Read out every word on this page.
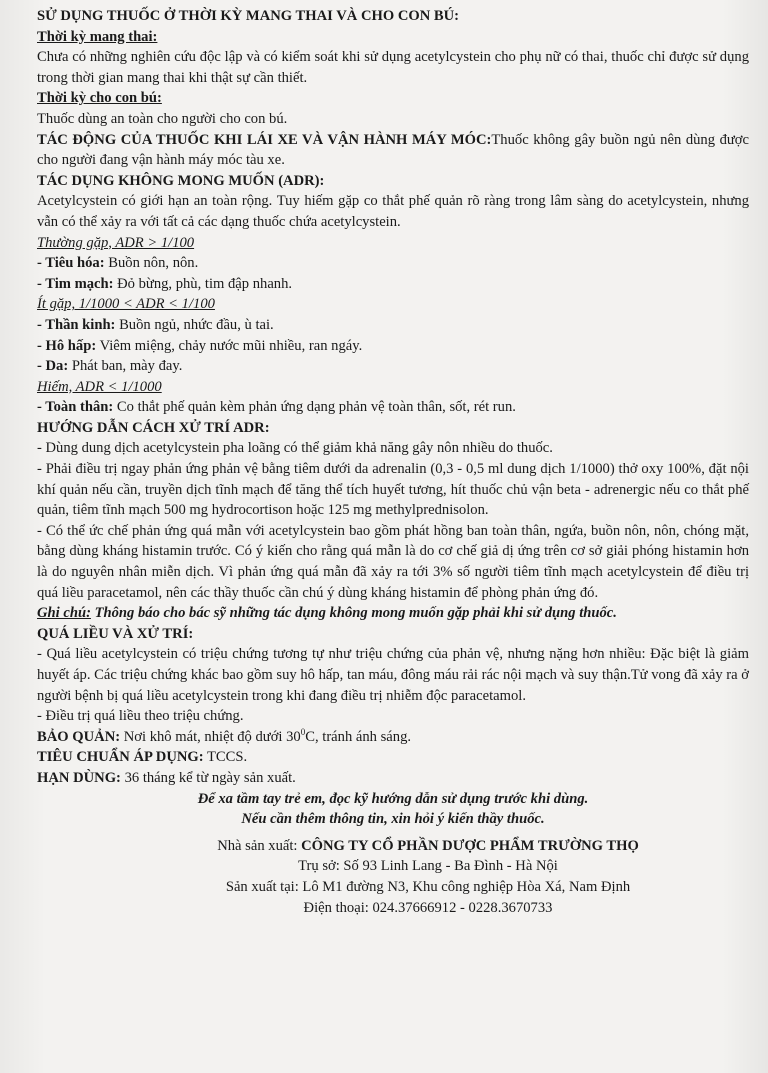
SỬ DỤNG THUỐC Ở THỜI KỲ MANG THAI VÀ CHO CON BÚ:

Thời kỳ mang thai:

Chưa có những nghiên cứu độc lập và có kiểm soát khi sử dụng acetylcystein cho phụ nữ có thai, thuốc chỉ được sử dụng trong thời gian mang thai khi thật sự cần thiết.

Thời kỳ cho con bú:

Thuốc dùng an toàn cho người cho con bú.

TÁC ĐỘNG CỦA THUỐC KHI LÁI XE VÀ VẬN HÀNH MÁY MÓC:Thuốc không gây buồn ngủ nên dùng được cho người đang vận hành máy móc tàu xe.

TÁC DỤNG KHÔNG MONG MUỐN (ADR):

Acetylcystein có giới hạn an toàn rộng. Tuy hiếm gặp co thắt phế quản rõ ràng trong lâm sàng do acetylcystein, nhưng vẫn có thể xảy ra với tất cả các dạng thuốc chứa acetylcystein.

Thường gặp, ADR > 1/100

- Tiêu hóa: Buồn nôn, nôn.

- Tim mạch: Đỏ bừng, phù, tim đập nhanh.

Ít gặp, 1/1000 < ADR < 1/100

- Thần kinh: Buồn ngủ, nhức đầu, ù tai.

- Hô hấp: Viêm miệng, chảy nước mũi nhiều, ran ngáy.

- Da: Phát ban, mày đay.

Hiếm, ADR < 1/1000

- Toàn thân: Co thắt phế quản kèm phản ứng dạng phản vệ toàn thân, sốt, rét run.

HƯỚNG DẪN CÁCH XỬ TRÍ ADR:

- Dùng dung dịch acetylcystein pha loãng có thể giảm khả năng gây nôn nhiều do thuốc.

- Phải điều trị ngay phản ứng phản vệ bằng tiêm dưới da adrenalin (0,3 - 0,5 ml dung dịch 1/1000) thở oxy 100%, đặt nội khí quản nếu cần, truyền dịch tĩnh mạch để tăng thể tích huyết tương, hít thuốc chủ vận beta - adrenergic nếu co thắt phế quản, tiêm tĩnh mạch 500 mg hydrocortison hoặc 125 mg methylprednisolon.

- Có thể ức chế phản ứng quá mẫn với acetylcystein bao gồm phát hồng ban toàn thân, ngứa, buồn nôn, nôn, chóng mặt, bằng dùng kháng histamin trước. Có ý kiến cho rằng quá mẫn là do cơ chế giả dị ứng trên cơ sở giải phóng histamin hơn là do nguyên nhân miễn dịch. Vì phản ứng quá mẫn đã xảy ra tới 3% số người tiêm tĩnh mạch acetylcystein để điều trị quá liều paracetamol, nên các thầy thuốc cần chú ý dùng kháng histamin để phòng phản ứng đó.

Ghi chú: Thông báo cho bác sỹ những tác dụng không mong muốn gặp phải khi sử dụng thuốc.

QUÁ LIỀU VÀ XỬ TRÍ:

- Quá liều acetylcystein có triệu chứng tương tự như triệu chứng của phản vệ, nhưng nặng hơn nhiều: Đặc biệt là giảm huyết áp. Các triệu chứng khác bao gồm suy hô hấp, tan máu, đông máu rải rác nội mạch và suy thận.Tử vong đã xảy ra ở người bệnh bị quá liều acetylcystein trong khi đang điều trị nhiễm độc paracetamol.

- Điều trị quá liều theo triệu chứng.

BẢO QUẢN: Nơi khô mát, nhiệt độ dưới $30^0C$, tránh ánh sáng.

TIÊU CHUẨN ÁP DỤNG: TCCS.

HẠN DÙNG: 36 tháng kể từ ngày sản xuất.

Để xa tầm tay trẻ em, đọc kỹ hướng dẫn sử dụng trước khi dùng.

Nếu cần thêm thông tin, xin hỏi ý kiến thầy thuốc.

Nhà sản xuất: CÔNG TY CỔ PHẦN DƯỢC PHẨM TRƯỜNG THỌ

Trụ sở: Số 93 Linh Lang - Ba Đình - Hà Nội

Sản xuất tại: Lô M1 đường N3, Khu công nghiệp Hòa Xá, Nam Định

Điện thoại: 024.37666912 - 0228.3670733
